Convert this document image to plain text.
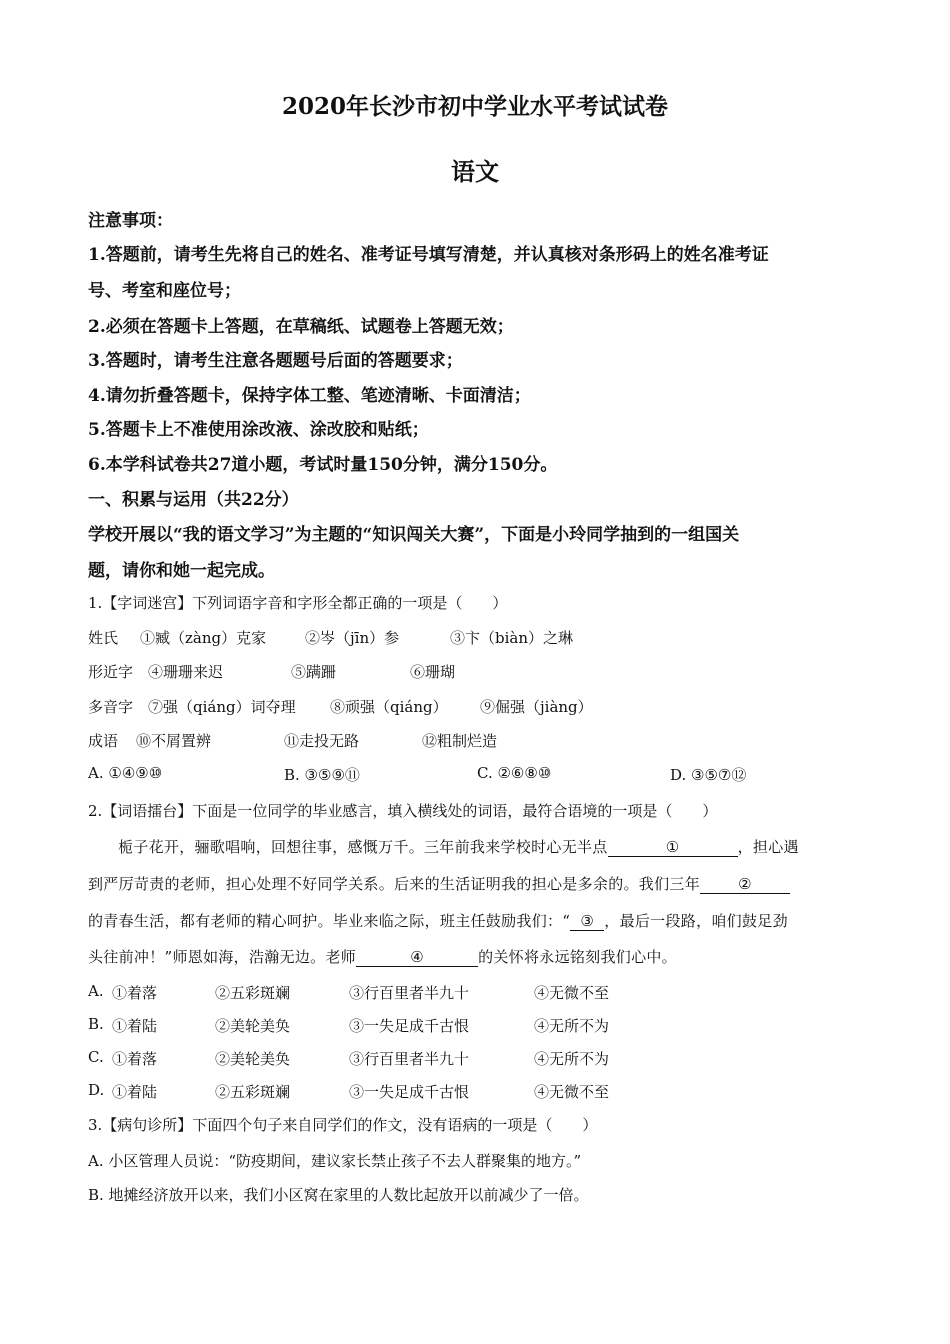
2020年长沙市初中学业水平考试试卷
语文
注意事项：
1.答题前，请考生先将自己的姓名、准考证号填写清楚，并认真核对条形码上的姓名准考证
号、考室和座位号；
2.必须在答题卡上答题，在草稿纸、试题卷上答题无效；
3.答题时，请考生注意各题题号后面的答题要求；
4.请勿折叠答题卡，保持字体工整、笔迹清晰、卡面清洁；
5.答题卡上不准使用涂改液、涂改胶和贴纸；
6.本学科试卷共27道小题，考试时量150分钟，满分150分。
一、积累与运用（共22分）
学校开展以“我的语文学习”为主题的“知识闯关大赛”，下面是小玲同学抽到的一组国关
题，请你和她一起完成。
1.【字词迷宫】下列词语字音和字形全都正确的一项是（　　）
姓氏 ①臧（zàng）克家	②岑（jīn）参	③卞（biàn）之琳
形近字 ④珊珊来迟	⑤蹒跚	⑥珊瑚
多音字 ⑦强（qiáng）词夺理 ⑧顽强（qiáng） ⑨倔强（jiàng）
成语 ⑩不屑置辨	⑪走投无路	⑫粗制烂造
A. ①④⑨⑩	B. ③⑤⑨⑪	C. ②⑥⑧⑩	D. ③⑤⑦⑫
2.【词语擂台】下面是一位同学的毕业感言，填入横线处的词语，最符合语境的一项是（　　）
栀子花开，骊歌唱响，回想往事，感慨万千。三年前我来学校时心无半点	①	，担心遇
到严厉苛责的老师，担心处理不好同学关系。后来的生活证明我的担心是多余的。我们三年	②
的青春生活，都有老师的精心呵护。毕业来临之际，班主任鼓励我们：“ ③ ，最后一段路，咱们鼓足劲
头往前冲！”师恩如海，浩瀚无边。老师	④	的关怀将永远铭刻我们心中。
A. ①着落	②五彩斑斓	③行百里者半九十	④无微不至
B. ①着陆	②美轮美奂	③一失足成千古恨	④无所不为
C. ①着落	②美轮美奂	③行百里者半九十	④无所不为
D. ①着陆	②五彩斑斓	③一失足成千古恨	④无微不至
3.【病句诊所】下面四个句子来自同学们的作文，没有语病的一项是（　　）
A. 小区管理人员说：“防疫期间，建议家长禁止孩子不去人群聚集的地方。”
B. 地摊经济放开以来，我们小区窝在家里的人数比起放开以前减少了一倍。
